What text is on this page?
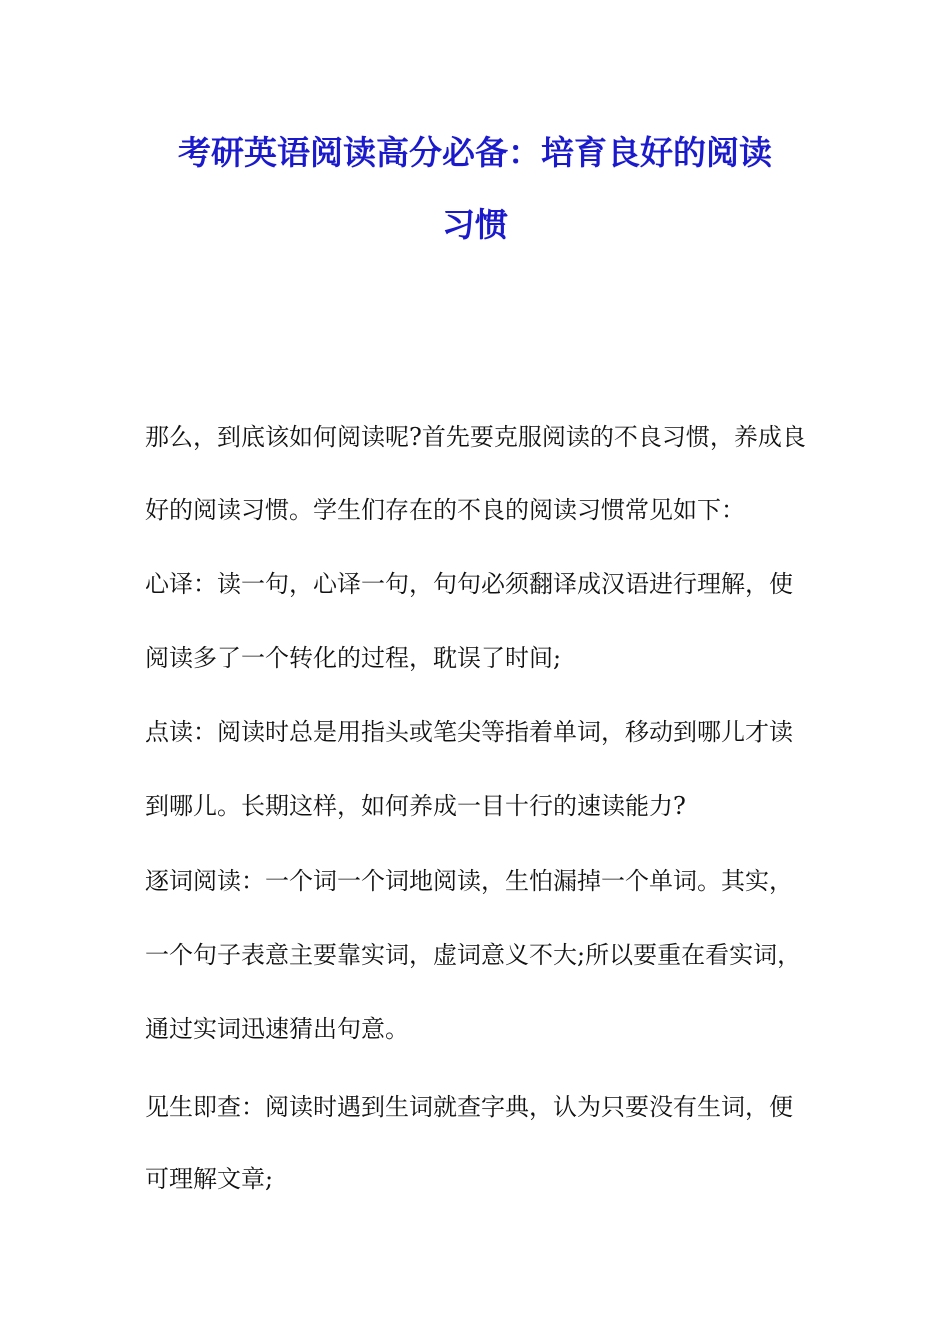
考研英语阅读高分必备：培育良好的阅读
习惯
那么，到底该如何阅读呢?首先要克服阅读的不良习惯，养成良
好的阅读习惯。学生们存在的不良的阅读习惯常见如下：
心译：读一句，心译一句，句句必须翻译成汉语进行理解，使
阅读多了一个转化的过程，耽误了时间;
点读：阅读时总是用指头或笔尖等指着单词，移动到哪儿才读
到哪儿。长期这样，如何养成一目十行的速读能力?
逐词阅读：一个词一个词地阅读，生怕漏掉一个单词。其实，
一个句子表意主要靠实词，虚词意义不大;所以要重在看实词，
通过实词迅速猜出句意。
见生即查：阅读时遇到生词就查字典，认为只要没有生词，便
可理解文章;
